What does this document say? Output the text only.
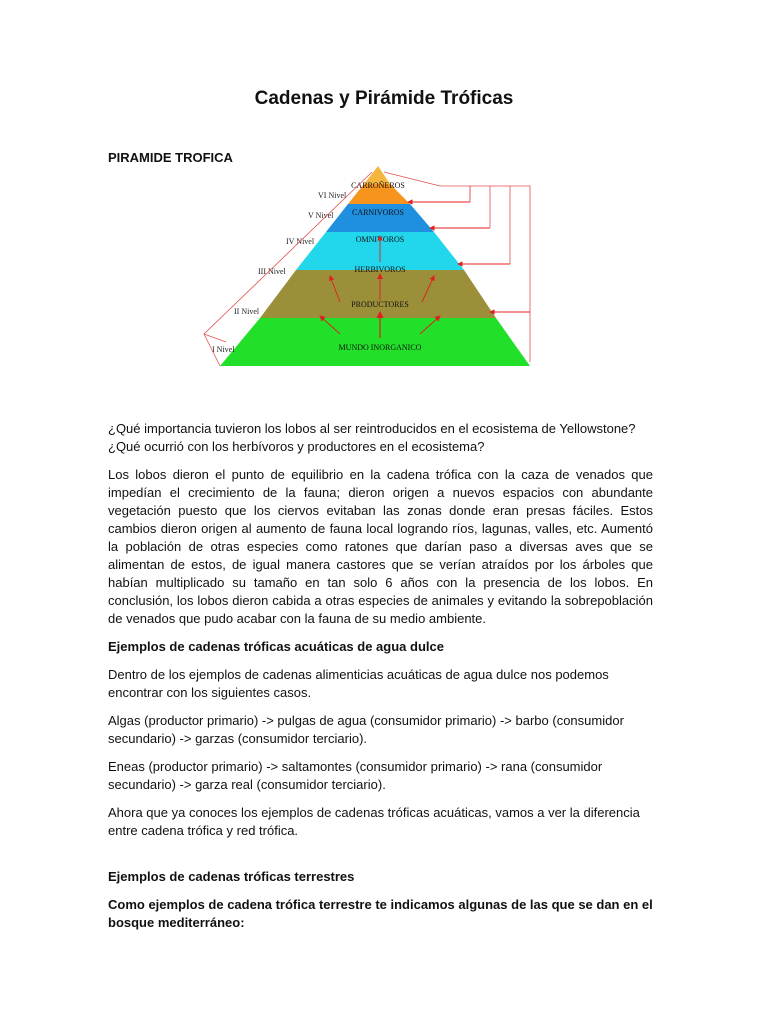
Cadenas y Pirámide Tróficas

PIRAMIDE TROFICA

CARROÑEROS
CARNIVOROS
OMNIVOROS
HERBIVOROS
PRODUCTORES
MUNDO INORGANICO
VI Nivel
V Nivel
IV Nivel
III Nivel
II Nivel
I Nivel

¿Qué importancia tuvieron los lobos al ser reintroducidos en el ecosistema de Yellowstone?
¿Qué ocurrió con los herbívoros y productores en el ecosistema?

Los lobos dieron el punto de equilibrio en la cadena trófica con la caza de venados que impedían el crecimiento de la fauna; dieron origen a nuevos espacios con abundante vegetación puesto que los ciervos evitaban las zonas donde eran presas fáciles. Estos cambios dieron origen al aumento de fauna local logrando ríos, lagunas, valles, etc. Aumentó la población de otras especies como ratones que darían paso a diversas aves que se alimentan de estos, de igual manera castores que se verían atraídos por los árboles que habían multiplicado su tamaño en tan solo 6 años con la presencia de los lobos. En conclusión, los lobos dieron cabida a otras especies de animales y evitando la sobrepoblación de venados que pudo acabar con la fauna de su medio ambiente.

Ejemplos de cadenas tróficas acuáticas de agua dulce

Dentro de los ejemplos de cadenas alimenticias acuáticas de agua dulce nos podemos encontrar con los siguientes casos.

Algas (productor primario) -> pulgas de agua (consumidor primario) -> barbo (consumidor secundario) -> garzas (consumidor terciario).

Eneas (productor primario) -> saltamontes (consumidor primario) -> rana (consumidor secundario) -> garza real (consumidor terciario).

Ahora que ya conoces los ejemplos de cadenas tróficas acuáticas, vamos a ver la diferencia entre cadena trófica y red trófica.

Ejemplos de cadenas tróficas terrestres

Como ejemplos de cadena trófica terrestre te indicamos algunas de las que se dan en el bosque mediterráneo:
